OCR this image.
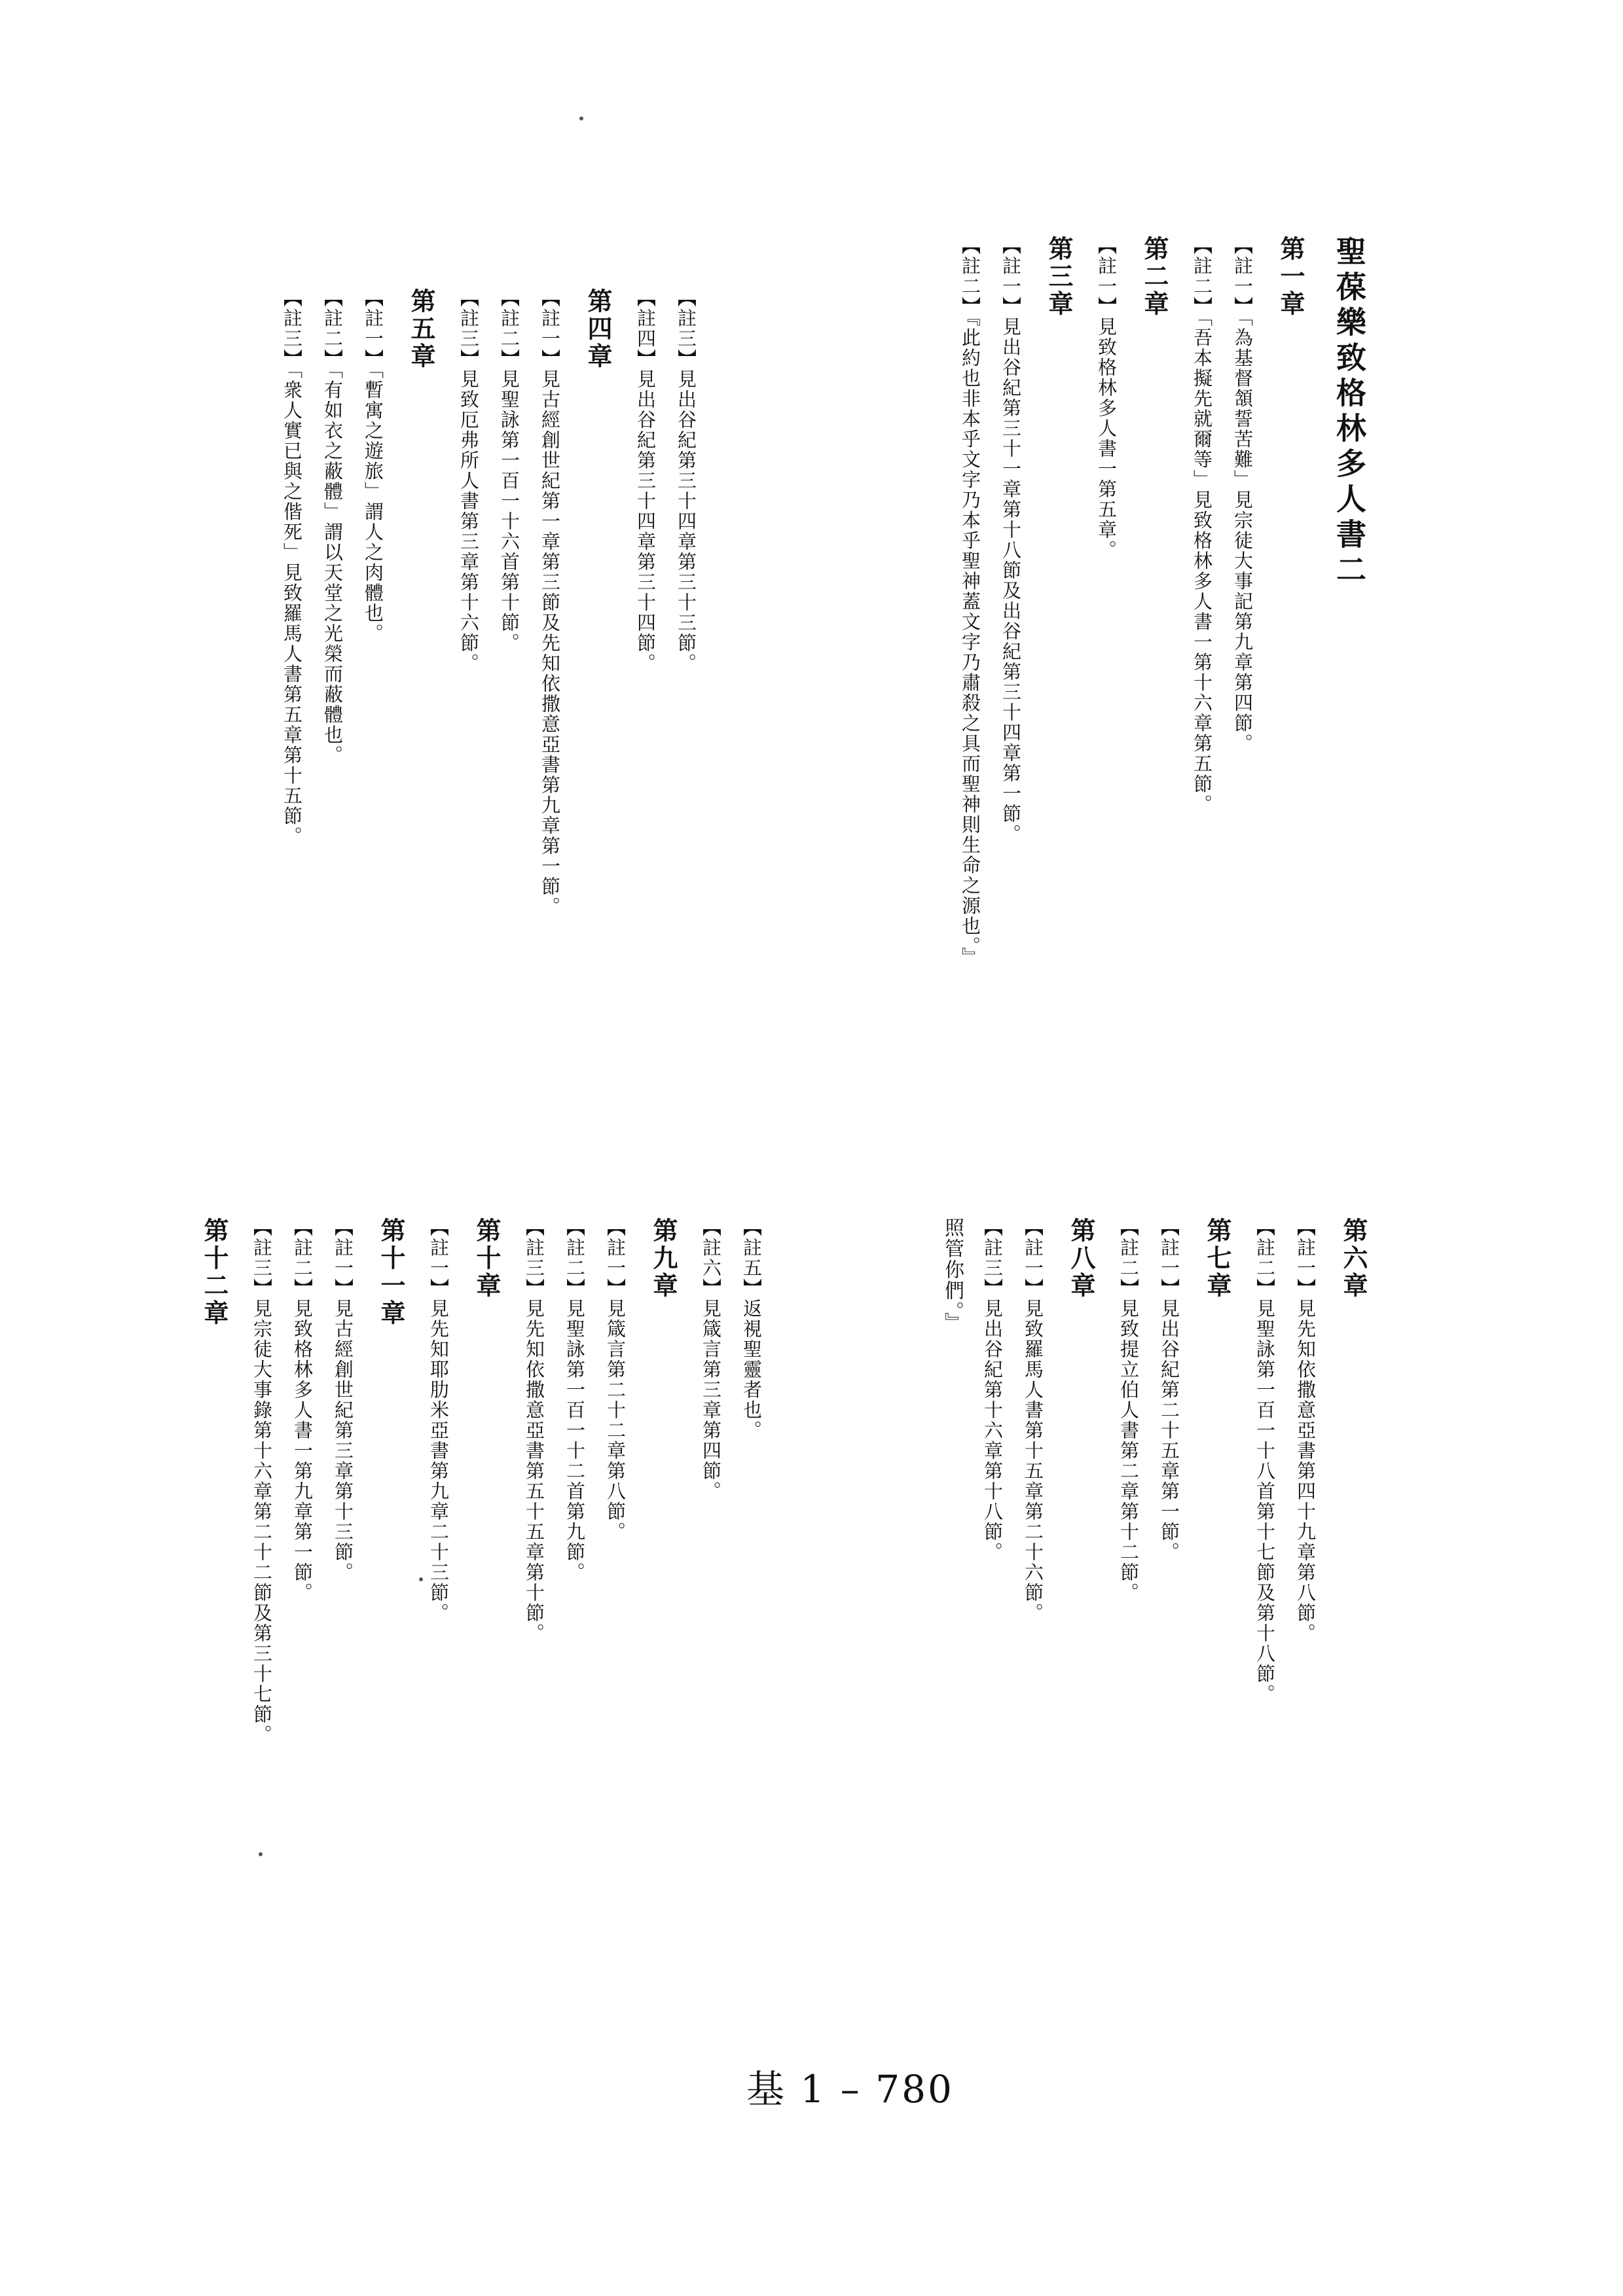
聖葆樂致格林多人書二
第一章
【註一】「為基督頷誓苦難」見宗徒大事記第九章第四節。
【註二】「吾本擬先就爾等」見致格林多人書一第十六章第五節。
第二章
【註一】見致格林多人書一第五章。
第三章
【註一】見出谷紀第三十一章第十八節及出谷紀第三十四章第一節。
【註二】『此約也非本乎文字乃本乎聖神蓋文字乃肅殺之具而聖神則生命之源也。』
【註三】見出谷紀第三十四章第三十三節。
【註四】見出谷紀第三十四章第三十四節。
第四章
【註一】見古經創世紀第一章第三節及先知依撒意亞書第九章第一節。
【註二】見聖詠第一百一十六首第十節。
【註三】見致厄弗所人書第三章第十六節。
第五章
【註一】「暫寓之遊旅」謂人之肉體也。
【註二】「有如衣之蔽體」謂以天堂之光榮而蔽體也。
【註三】「衆人實已與之偕死」見致羅馬人書第五章第十五節。
第六章
【註一】見先知依撒意亞書第四十九章第八節。
【註二】見聖詠第一百一十八首第十七節及第十八節。
第七章
【註一】見出谷紀第二十五章第一節。
【註二】見致提立伯人書第二章第十二節。
第八章
【註一】見致羅馬人書第十五章第二十六節。
【註三】見出谷紀第十六章第十八節。
照管你們。』
【註五】返視聖靈者也。
【註六】見箴言第三章第四節。
第九章
【註一】見箴言第二十二章第八節。
【註二】見聖詠第一百一十二首第九節。
【註三】見先知依撒意亞書第五十五章第十節。
第十章
【註一】見先知耶肋米亞書第九章二十三節。
第十一章
【註一】見古經創世紀第三章第十三節。
【註二】見致格林多人書一第九章第一節。
【註三】見宗徒大事錄第十六章第二十二節及第三十七節。
第十二章
基 1 – 780
